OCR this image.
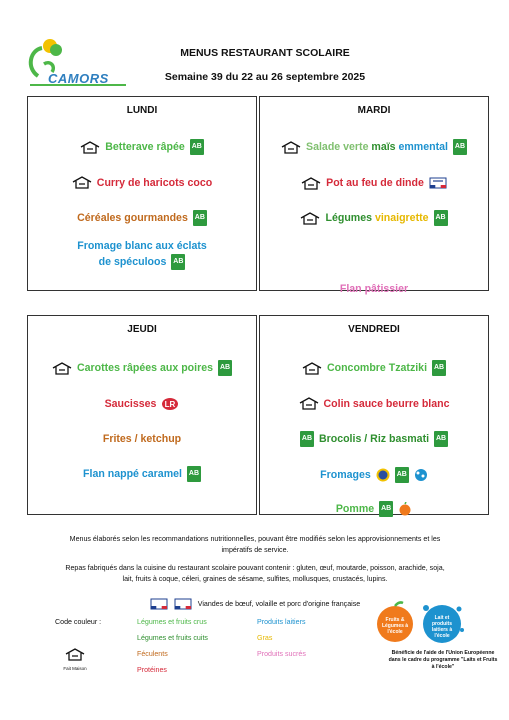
CAMORS
MENUS RESTAURANT SCOLAIRE
Semaine 39 du 22 au 26 septembre 2025
LUNDI
Betterave râpée AB
Curry de haricots coco
Céréales gourmandes AB
Fromage blanc aux éclats
de spéculoos AB
MARDI
Salade verte maïs emmental AB
Pot au feu de dinde
Légumes vinaigrette AB
Flan pâtissier
JEUDI
Carottes râpées aux poires AB
Saucisses LR
Frites / ketchup
Flan nappé caramel AB
VENDREDI
Concombre Tzatziki AB
Colin sauce beurre blanc
AB Brocolis / Riz basmati AB
Fromages	AB
Pomme AB
Menus élaborés selon les recommandations nutritionnelles, pouvant être modifiés selon les approvisionnements et les
impératifs de service.
Repas fabriqués dans la cuisine du restaurant scolaire pouvant contenir : gluten, œuf, moutarde, poisson, arachide, soja,
lait, fruits à coque, céleri, graines de sésame, sulfites, mollusques, crustacés, lupins.
Viandes de bœuf, volaille et porc d'origine française
Code couleur :	Légumes et fruits crus
Légumes et fruits cuits
Féculents
Protéines
Produits laitiers
Gras
Produits sucrés
Fait Maison
Fruits & Légumes à l'école
Lait et produits laitiers à l'école
Bénéficie de l'aide de l'Union Européenne dans le cadre du programme "Laits et Fruits à l'école"
